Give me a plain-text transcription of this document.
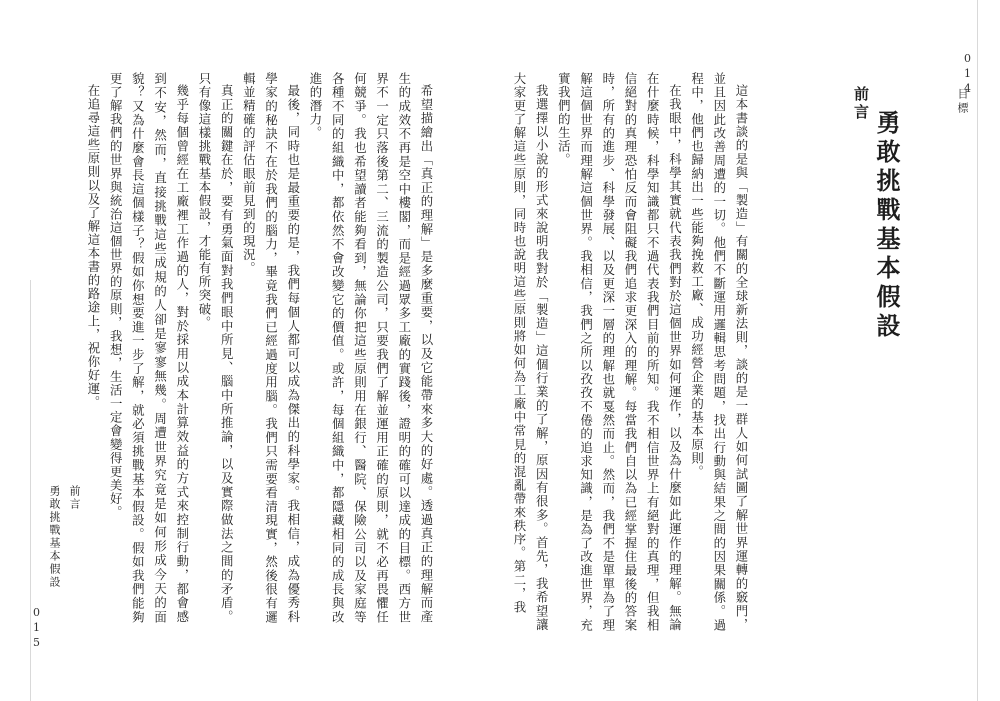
014
目標
前言
勇敢挑戰基本假設

這本書談的是與「製造」有關的全球新法則，談的是一群人如何試圖了解世界運轉的竅門，並且因此改善周遭的一切。他們不斷運用邏輯思考問題，找出行動與結果之間的因果關係。過程中，他們也歸納出一些能夠挽救工廠、成功經營企業的基本原則。

在我眼中，科學其實就代表我們對於這個世界如何運作，以及為什麼如此運作的理解。無論在什麼時候，科學知識都只不過代表我們目前的所知。我不相信世界上有絕對的真理，但我相信絕對的真理恐怕反而會阻礙我們追求更深入的理解。每當我們自以為已經掌握住最後的答案時，所有的進步、科學發展、以及更深一層的理解也就戛然而止。然而，我們不是單單為了理解這個世界而理解這個世界。我相信，我們之所以孜孜不倦的追求知識，是為了改進世界，充實我們的生活。

我選擇以小說的形式來說明我對於「製造」這個行業的了解，原因有很多。首先，我希望讓大家更了解這些原則，同時也說明這些原則將如何為工廠中常見的混亂帶來秩序。第二，我

希望描繪出「真正的理解」是多麼重要，以及它能帶來多大的好處。透過真正的理解而產生的成效不再是空中樓閣，而是經過眾多工廠的實踐後，證明的確可以達成的目標。西方世界不一定只落後第二、三流的製造公司，只要我們了解並運用正確的原則，就不必再畏懼任何競爭。我也希望讀者能夠看到，無論你把這些原則用在銀行、醫院、保險公司以及家庭等各種不同的組織中，都依然不會改變它的價值。或許，每個組織中，都隱藏相同的成長與改進的潛力。

最後，同時也是最重要的是，我們每個人都可以成為傑出的科學家。我相信，成為優秀科學家的秘訣不在於我們的腦力，畢竟我們已經過度用腦。我們只需要看清現實，然後很有邏輯並精確的評估眼前見到的現況。

真正的關鍵在於，要有勇氣面對我們眼中所見、腦中所推論，以及實際做法之間的矛盾。只有像這樣挑戰基本假設，才能有所突破。

幾乎每個曾經在工廠裡工作過的人，對於採用以成本計算效益的方式來控制行動，都會感到不安，然而，直接挑戰這些成規的人卻是寥寥無幾。周遭世界究竟是如何形成今天的面貌？又為什麼會長這個樣子？假如你想要進一步了解，就必須挑戰基本假設。假如我們能夠更了解我們的世界與統治這個世界的原則，我想，生活一定會變得更美好。

在追尋這些原則以及了解這本書的路途上，祝你好運。

前言
勇敢挑戰基本假設
015
